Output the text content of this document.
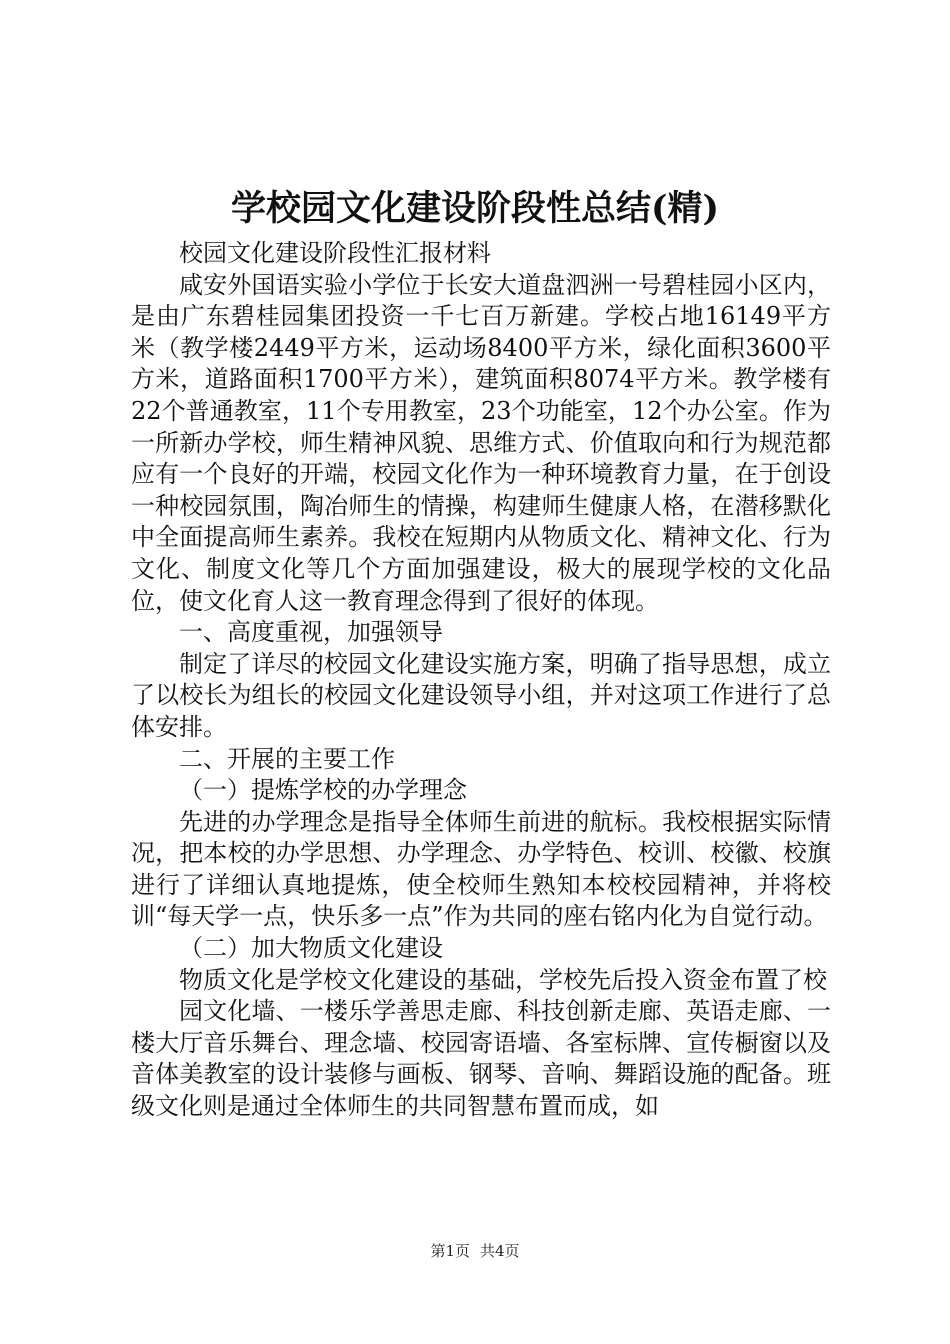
学校园文化建设阶段性总结(精)

校园文化建设阶段性汇报材料

咸安外国语实验小学位于长安大道盘泗洲一号碧桂园小区内，是由广东碧桂园集团投资一千七百万新建。学校占地16149平方米（教学楼2449平方米，运动场8400平方米，绿化面积3600平方米，道路面积1700平方米），建筑面积8074平方米。教学楼有22个普通教室，11个专用教室，23个功能室，12个办公室。作为一所新办学校，师生精神风貌、思维方式、价值取向和行为规范都应有一个良好的开端，校园文化作为一种环境教育力量，在于创设一种校园氛围，陶冶师生的情操，构建师生健康人格，在潜移默化中全面提高师生素养。我校在短期内从物质文化、精神文化、行为文化、制度文化等几个方面加强建设，极大的展现学校的文化品位，使文化育人这一教育理念得到了很好的体现。

一、高度重视，加强领导

制定了详尽的校园文化建设实施方案，明确了指导思想，成立了以校长为组长的校园文化建设领导小组，并对这项工作进行了总体安排。

二、开展的主要工作

（一）提炼学校的办学理念

先进的办学理念是指导全体师生前进的航标。我校根据实际情况，把本校的办学思想、办学理念、办学特色、校训、校徽、校旗进行了详细认真地提炼，使全校师生熟知本校校园精神，并将校训“每天学一点，快乐多一点”作为共同的座右铭内化为自觉行动。

（二）加大物质文化建设

物质文化是学校文化建设的基础，学校先后投入资金布置了校

园文化墙、一楼乐学善思走廊、科技创新走廊、英语走廊、一楼大厅音乐舞台、理念墙、校园寄语墙、各室标牌、宣传橱窗以及音体美教室的设计装修与画板、钢琴、音响、舞蹈设施的配备。班级文化则是通过全体师生的共同智慧布置而成，如

第1页 共4页
